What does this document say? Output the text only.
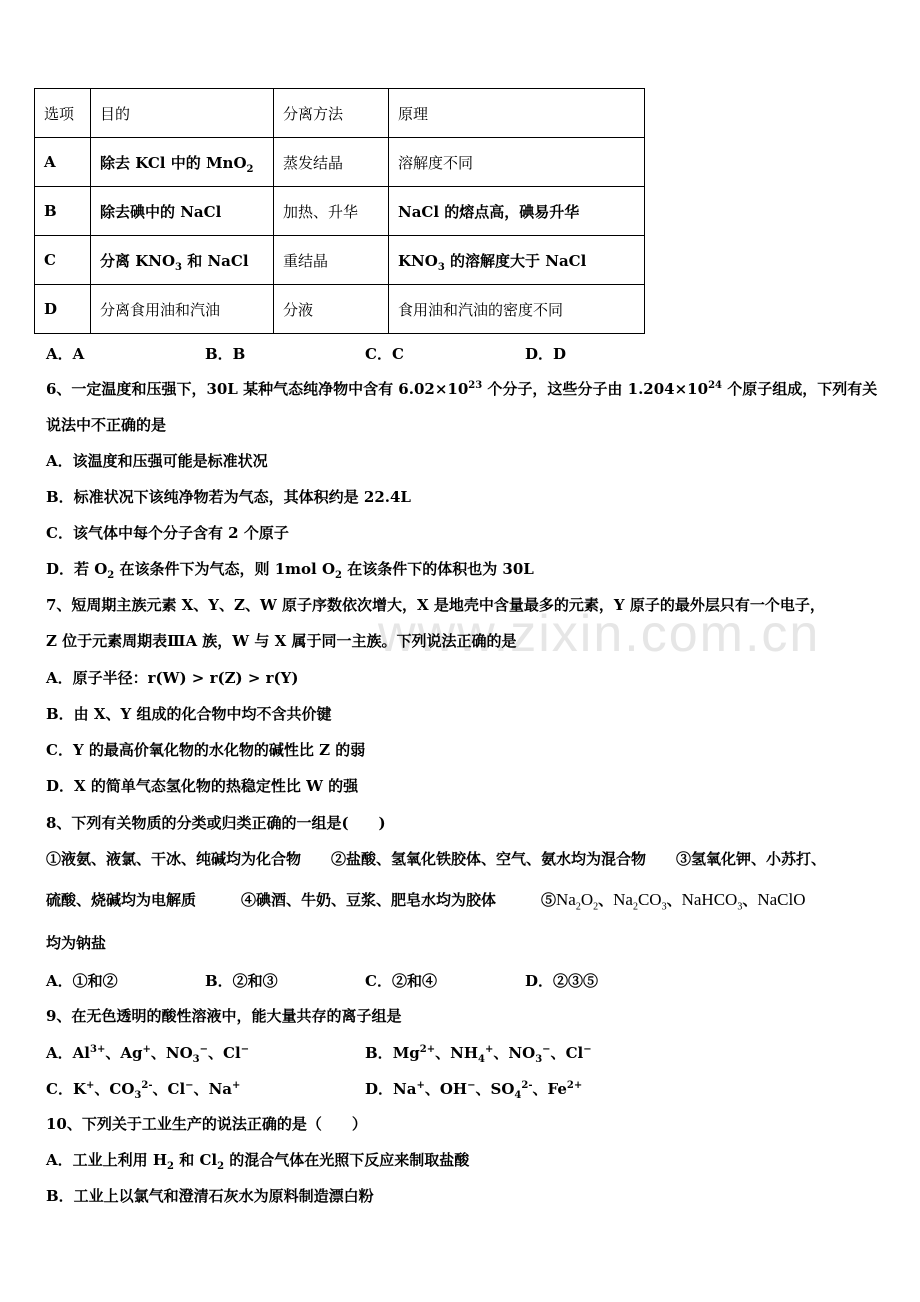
www.zixin.com.cn
选项	目的	分离方法	原理
A	除去 KCl 中的 MnO$_2$	蒸发结晶	溶解度不同
B	除去碘中的 NaCl	加热、升华	NaCl 的熔点高，碘易升华
C	分离 $KNO_3$ 和 NaCl	重结晶	$KNO_3$ 的溶解度大于 NaCl
D	分离食用油和汽油	分液	食用油和汽油的密度不同
A．A	B．B	C．C	D．D
6、一定温度和压强下，30L 某种气态纯净物中含有 $6.02\times 10^{23}$ 个分子，这些分子由 $1.204\times 10^{24}$ 个原子组成，下列有关
说法中不正确的是
A．该温度和压强可能是标准状况
B．标准状况下该纯净物若为气态，其体积约是 22.4L
C．该气体中每个分子含有 2 个原子
D．若 $O_2$ 在该条件下为气态，则 1mol $O_2$ 在该条件下的体积也为 30L
7、短周期主族元素 X、Y、Z、W 原子序数依次增大，X 是地壳中含量最多的元素，Y 原子的最外层只有一个电子，
Z 位于元素周期表ⅢA 族，W 与 X 属于同一主族。下列说法正确的是
A．原子半径：r(W) > r(Z) > r(Y)
B．由 X、Y 组成的化合物中均不含共价键
C．Y 的最高价氧化物的水化物的碱性比 Z 的弱
D．X 的简单气态氢化物的热稳定性比 W 的强
8、下列有关物质的分类或归类正确的一组是(　　)
①液氨、液氯、干冰、纯碱均为化合物　　②盐酸、氢氧化铁胶体、空气、氨水均为混合物　　③氢氧化钾、小苏打、
硫酸、烧碱均为电解质　　　④碘酒、牛奶、豆浆、肥皂水均为胶体　　　$⑤Na_2O_2$、$Na_2CO_3$、NaHCO$_3$、NaClO
均为钠盐
A．①和②	B．②和③	C．②和④	D．②③⑤
9、在无色透明的酸性溶液中，能大量共存的离子组是
A．$Al^{3+}$、Ag+、$NO_3^-$、Cl−	B．$Mg^{2+}$、$NH_4^+$、$NO_3^-$、Cl−
C．K+、$CO_3^{2-}$、Cl−、Na+	D．Na+、OH−、$SO_4^{2-}$、$Fe^{2+}$
10、下列关于工业生产的说法正确的是（　　）
A．工业上利用 $H_2$ 和 $Cl_2$ 的混合气体在光照下反应来制取盐酸
B．工业上以氯气和澄清石灰水为原料制造漂白粉
